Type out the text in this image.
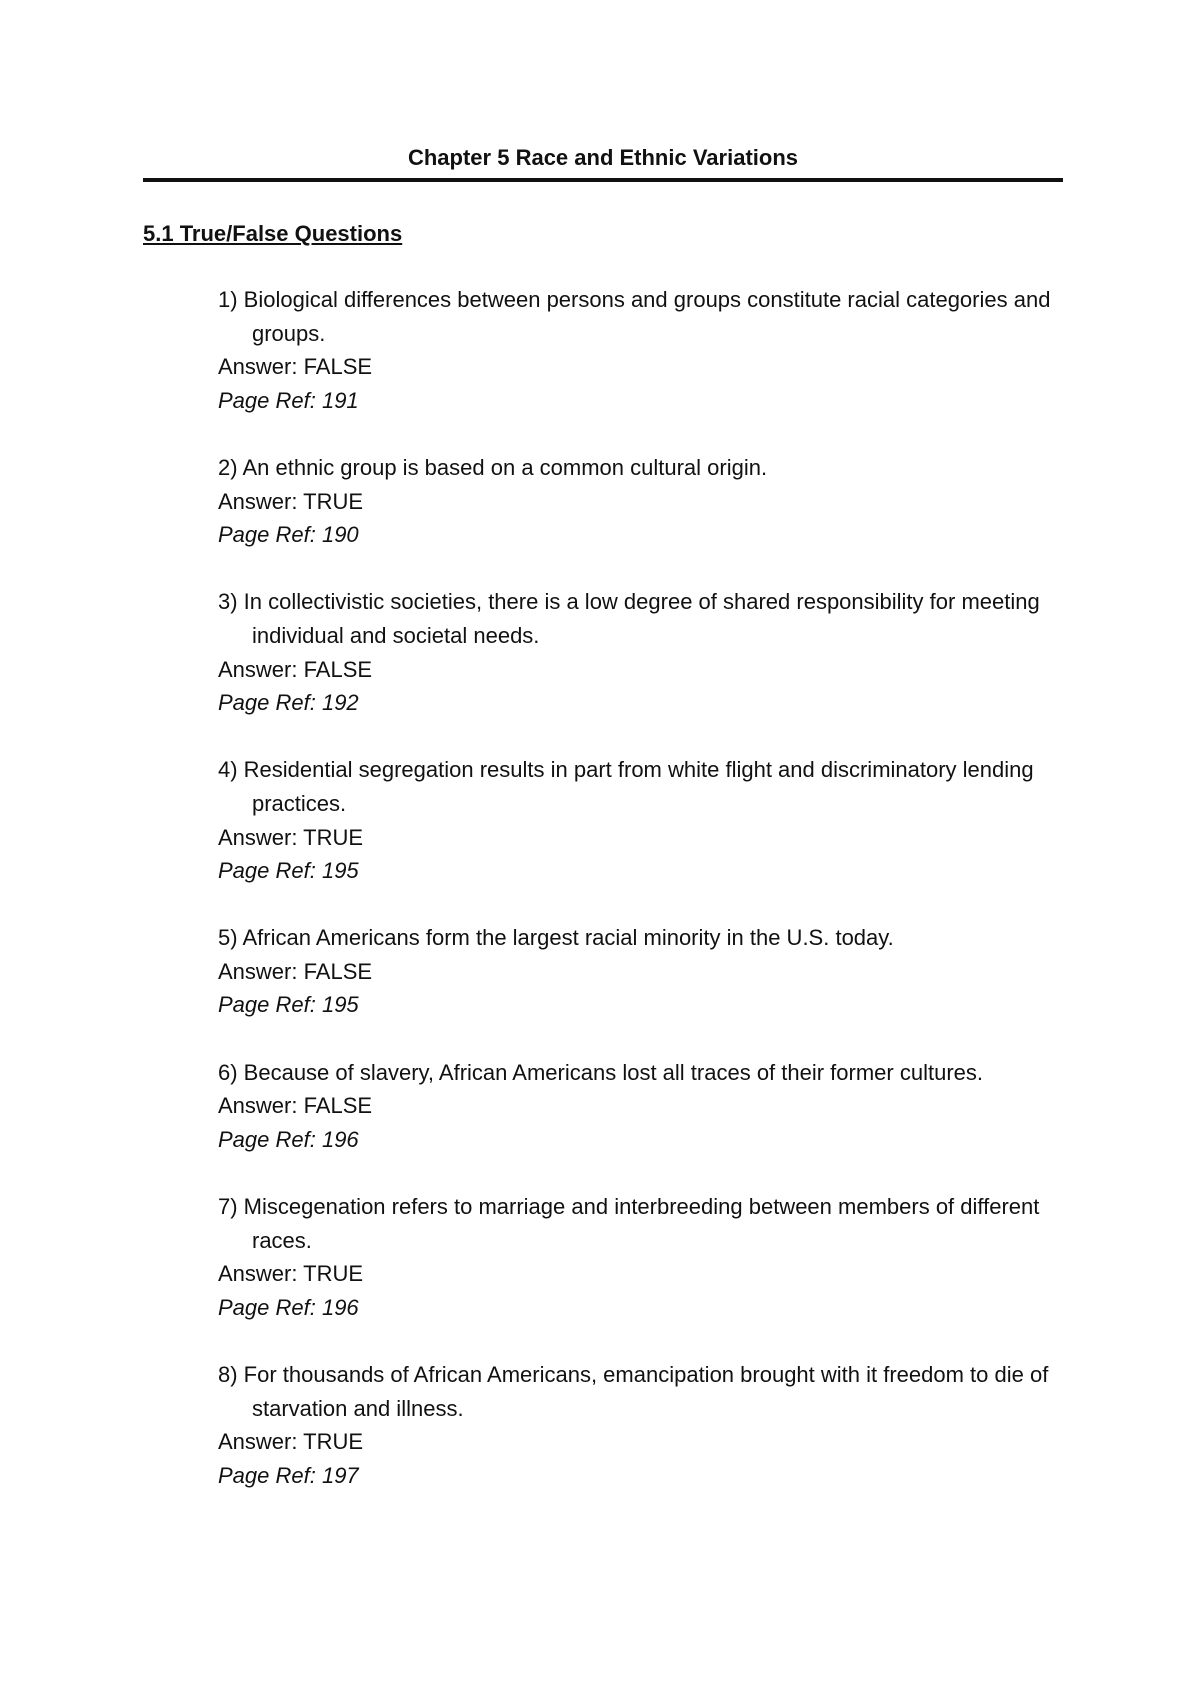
Chapter 5 Race and Ethnic Variations
5.1 True/False Questions
1) Biological differences between persons and groups constitute racial categories and groups.
Answer: FALSE
Page Ref: 191
2) An ethnic group is based on a common cultural origin.
Answer: TRUE
Page Ref: 190
3) In collectivistic societies, there is a low degree of shared responsibility for meeting individual and societal needs.
Answer: FALSE
Page Ref: 192
4) Residential segregation results in part from white flight and discriminatory lending practices.
Answer: TRUE
Page Ref: 195
5) African Americans form the largest racial minority in the U.S. today.
Answer: FALSE
Page Ref: 195
6) Because of slavery, African Americans lost all traces of their former cultures.
Answer: FALSE
Page Ref: 196
7) Miscegenation refers to marriage and interbreeding between members of different races.
Answer: TRUE
Page Ref: 196
8) For thousands of African Americans, emancipation brought with it freedom to die of starvation and illness.
Answer: TRUE
Page Ref: 197
